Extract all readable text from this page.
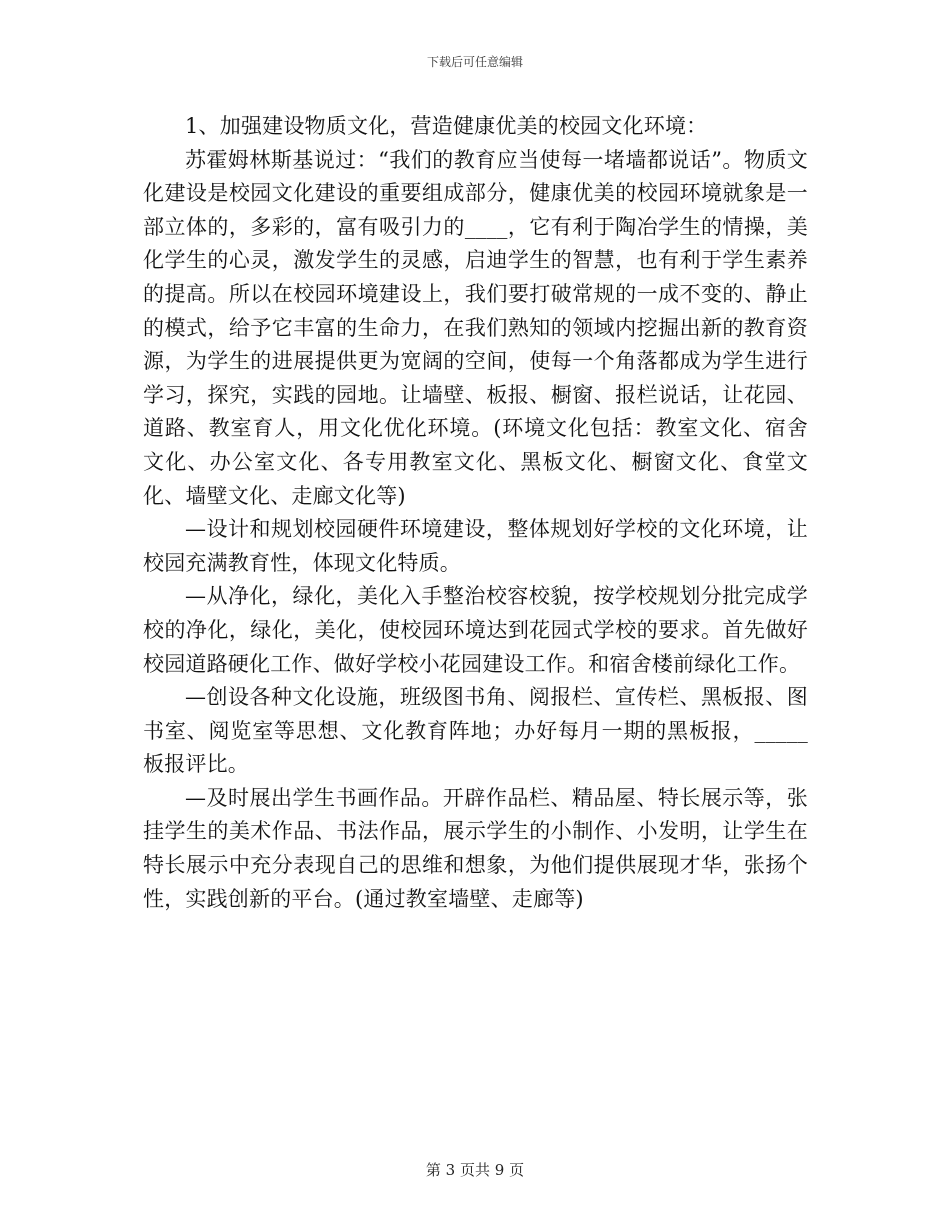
下载后可任意编辑

1、加强建设物质文化，营造健康优美的校园文化环境：

苏霍姆林斯基说过：“我们的教育应当使每一堵墙都说话”。物质文化建设是校园文化建设的重要组成部分，健康优美的校园环境就象是一部立体的，多彩的，富有吸引力的____，它有利于陶冶学生的情操，美化学生的心灵，激发学生的灵感，启迪学生的智慧，也有利于学生素养的提高。所以在校园环境建设上，我们要打破常规的一成不变的、静止的模式，给予它丰富的生命力，在我们熟知的领域内挖掘出新的教育资源，为学生的进展提供更为宽阔的空间，使每一个角落都成为学生进行学习，探究，实践的园地。让墙壁、板报、橱窗、报栏说话，让花园、道路、教室育人，用文化优化环境。(环境文化包括：教室文化、宿舍文化、办公室文化、各专用教室文化、黑板文化、橱窗文化、食堂文化、墙壁文化、走廊文化等)

—设计和规划校园硬件环境建设，整体规划好学校的文化环境，让校园充满教育性，体现文化特质。

—从净化，绿化，美化入手整治校容校貌，按学校规划分批完成学校的净化，绿化，美化，使校园环境达到花园式学校的要求。首先做好校园道路硬化工作、做好学校小花园建设工作。和宿舍楼前绿化工作。

—创设各种文化设施，班级图书角、阅报栏、宣传栏、黑板报、图书室、阅览室等思想、文化教育阵地；办好每月一期的黑板报，_____板报评比。

—及时展出学生书画作品。开辟作品栏、精品屋、特长展示等，张挂学生的美术作品、书法作品，展示学生的小制作、小发明，让学生在特长展示中充分表现自己的思维和想象，为他们提供展现才华，张扬个性，实践创新的平台。(通过教室墙壁、走廊等)

第 3 页共 9 页
